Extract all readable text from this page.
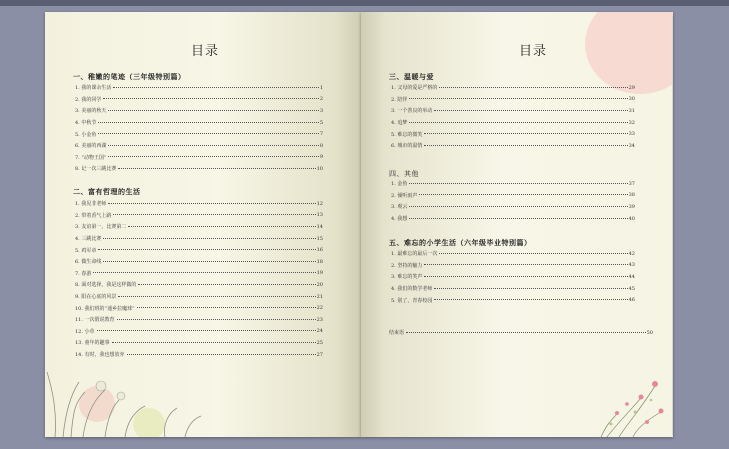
目录
一、稚嫩的笔迹（三年级特别篇）
1. 我的课余生活	1
2. 我的同学	2
3. 美丽的秋天	3
4. 中秋节	5
5. 小金鱼	7
6. 美丽的西湖	8
7. “动物王国”	9
8. 记一次三跳比赛	10
二、富有哲理的生活
1. 我见非老师	12
2. 带着香气上路	13
3. 友谊第一，比赛第二	14
4. 三跳比赛	15
5. 鸡军章	16
6. 做生命线	18
7. 春游	19
8. 面对选择，我是这样做的	20
9. 阳在心底的风景	21
10. 我们班的“通乡拉魔球”	22
11. 一次假说教育	23
12. 小草	24
13. 童年的趣事	25
14. 有时，我也想放弃	27
目录
三、温暖与爱
1. 父母的爱是严格的	29
2. 陪伴	30
3. 一个善良的举动	31
4. 追梦	32
5. 难忘的微笑	33
6. 城市的温情	34
四、其他
1. 金鱼	37
2. 倾听雨声	38
3. 观云	39
4. 我想	40
五、难忘的小学生活（六年级毕业特别篇）
1. 最难忘的最后一次	42
2. 坚持的魅力	43
3. 难忘的笑声	44
4. 我们的数学老师	45
5. 别了，青春校园	46
结束语	50
